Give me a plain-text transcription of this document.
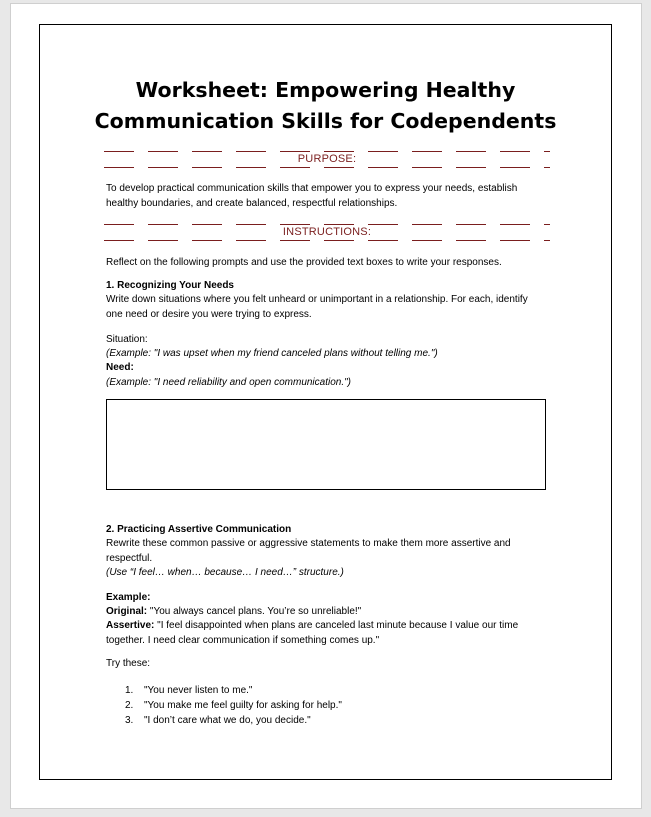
Worksheet: Empowering Healthy
Communication Skills for Codependents
PURPOSE:
To develop practical communication skills that empower you to express your needs, establish healthy boundaries, and create balanced, respectful relationships.
INSTRUCTIONS:
Reflect on the following prompts and use the provided text boxes to write your responses.
1. Recognizing Your Needs
Write down situations where you felt unheard or unimportant in a relationship. For each, identify one need or desire you were trying to express.
Situation:
(Example: "I was upset when my friend canceled plans without telling me.")
Need:
(Example: "I need reliability and open communication.")
2. Practicing Assertive Communication
Rewrite these common passive or aggressive statements to make them more assertive and respectful.
(Use “I feel… when… because… I need…” structure.)
Example:
Original: "You always cancel plans. You’re so unreliable!"
Assertive: "I feel disappointed when plans are canceled last minute because I value our time together. I need clear communication if something comes up."
Try these:
1. "You never listen to me."
2. "You make me feel guilty for asking for help."
3. "I don’t care what we do, you decide."
